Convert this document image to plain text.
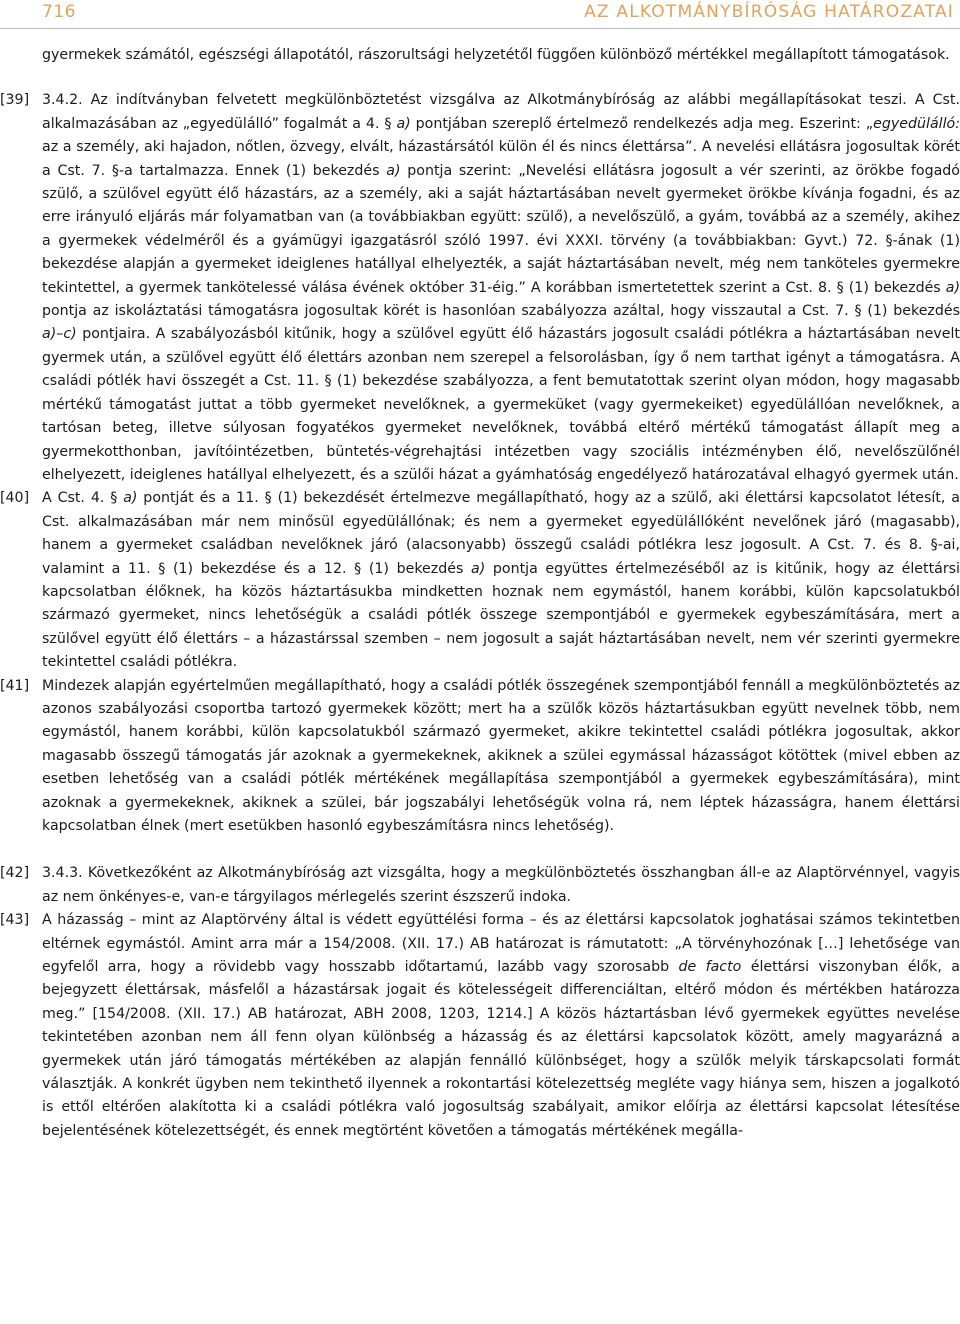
716	AZ ALKOTMÁNYBÍRÓSÁG HATÁROZATAI

gyermekek számától, egészségi állapotától, rászorultsági helyzetétől függően különböző mértékkel megállapított támogatások.

[39] 3.4.2. Az indítványban felvetett megkülönböztetést vizsgálva az Alkotmánybíróság az alábbi megállapításokat teszi. A Cst. alkalmazásában az „egyedülálló” fogalmát a 4. § a) pontjában szereplő értelmező rendelkezés adja meg. Eszerint: „egyedülálló: az a személy, aki hajadon, nőtlen, özvegy, elvált, házastársától külön él és nincs élettársa”. A nevelési ellátásra jogosultak körét a Cst. 7. §-a tartalmazza. Ennek (1) bekezdés a) pontja szerint: „Nevelési ellátásra jogosult a vér szerinti, az örökbe fogadó szülő, a szülővel együtt élő házastárs, az a személy, aki a saját háztartásában nevelt gyermeket örökbe kívánja fogadni, és az erre irányuló eljárás már folyamatban van (a továbbiakban együtt: szülő), a nevelőszülő, a gyám, továbbá az a személy, akihez a gyermekek védelméről és a gyámügyi igazgatásról szóló 1997. évi XXXI. törvény (a továbbiakban: Gyvt.) 72. §-ának (1) bekezdése alapján a gyermeket ideiglenes hatállyal elhelyezték, a saját háztartásában nevelt, még nem tanköteles gyermekre tekintettel, a gyermek tankötelessé válása évének október 31-éig.” A korábban ismertetettek szerint a Cst. 8. § (1) bekezdés a) pontja az iskoláztatási támogatásra jogosultak körét is hasonlóan szabályozza azáltal, hogy visszautal a Cst. 7. § (1) bekezdés a)–c) pontjaira. A szabályozásból kitűnik, hogy a szülővel együtt élő házastárs jogosult családi pótlékra a háztartásában nevelt gyermek után, a szülővel együtt élő élettárs azonban nem szerepel a felsorolásban, így ő nem tarthat igényt a támogatásra. A családi pótlék havi összegét a Cst. 11. § (1) bekezdése szabályozza, a fent bemutatottak szerint olyan módon, hogy magasabb mértékű támogatást juttat a több gyermeket nevelőknek, a gyermeküket (vagy gyermekeiket) egyedülállóan nevelőknek, a tartósan beteg, illetve súlyosan fogyatékos gyermeket nevelőknek, továbbá eltérő mértékű támogatást állapít meg a gyermekotthonban, javítóintézetben, büntetés-végrehajtási intézetben vagy szociális intézményben élő, nevelőszülőnél elhelyezett, ideiglenes hatállyal elhelyezett, és a szülői házat a gyámhatóság engedélyező határozatával elhagyó gyermek után.

[40] A Cst. 4. § a) pontját és a 11. § (1) bekezdését értelmezve megállapítható, hogy az a szülő, aki élettársi kapcsolatot létesít, a Cst. alkalmazásában már nem minősül egyedülállónak; és nem a gyermeket egyedülállóként nevelőnek járó (magasabb), hanem a gyermeket családban nevelőknek járó (alacsonyabb) összegű családi pótlékra lesz jogosult. A Cst. 7. és 8. §-ai, valamint a 11. § (1) bekezdése és a 12. § (1) bekezdés a) pontja együttes értelmezéséből az is kitűnik, hogy az élettársi kapcsolatban élőknek, ha közös háztartásukba mindketten hoznak nem egymástól, hanem korábbi, külön kapcsolatukból származó gyermeket, nincs lehetőségük a családi pótlék összege szempontjából e gyermekek egybeszámítására, mert a szülővel együtt élő élettárs – a házastárssal szemben – nem jogosult a saját háztartásában nevelt, nem vér szerinti gyermekre tekintettel családi pótlékra.

[41] Mindezek alapján egyértelműen megállapítható, hogy a családi pótlék összegének szempontjából fennáll a megkülönböztetés az azonos szabályozási csoportba tartozó gyermekek között; mert ha a szülők közös háztartásukban együtt nevelnek több, nem egymástól, hanem korábbi, külön kapcsolatukból származó gyermeket, akikre tekintettel családi pótlékra jogosultak, akkor magasabb összegű támogatás jár azoknak a gyermekeknek, akiknek a szülei egymással házasságot kötöttek (mivel ebben az esetben lehetőség van a családi pótlék mértékének megállapítása szempontjából a gyermekek egybeszámítására), mint azoknak a gyermekeknek, akiknek a szülei, bár jogszabályi lehetőségük volna rá, nem léptek házasságra, hanem élettársi kapcsolatban élnek (mert esetükben hasonló egybeszámításra nincs lehetőség).

[42] 3.4.3. Következőként az Alkotmánybíróság azt vizsgálta, hogy a megkülönböztetés összhangban áll-e az Alaptörvénnyel, vagyis az nem önkényes-e, van-e tárgyilagos mérlegelés szerint észszerű indoka.

[43] A házasság – mint az Alaptörvény által is védett együttélési forma – és az élettársi kapcsolatok joghatásai számos tekintetben eltérnek egymástól. Amint arra már a 154/2008. (XII. 17.) AB határozat is rámutatott: „A törvényhozónak […] lehetősége van egyfelől arra, hogy a rövidebb vagy hosszabb időtartamú, lazább vagy szorosabb de facto élettársi viszonyban élők, a bejegyzett élettársak, másfelől a házastársak jogait és kötelességeit differenciáltan, eltérő módon és mértékben határozza meg.” [154/2008. (XII. 17.) AB határozat, ABH 2008, 1203, 1214.] A közös háztartásban lévő gyermekek együttes nevelése tekintetében azonban nem áll fenn olyan különbség a házasság és az élettársi kapcsolatok között, amely magyarázná a gyermekek után járó támogatás mértékében az alapján fennálló különbséget, hogy a szülők melyik társkapcsolati formát választják. A konkrét ügyben nem tekinthető ilyennek a rokontartási kötelezettség megléte vagy hiánya sem, hiszen a jogalkotó is ettől eltérően alakította ki a családi pótlékra való jogosultság szabályait, amikor előírja az élettársi kapcsolat létesítése bejelentésének kötelezettségét, és ennek megtörtént követően a támogatás mértékének megálla-
